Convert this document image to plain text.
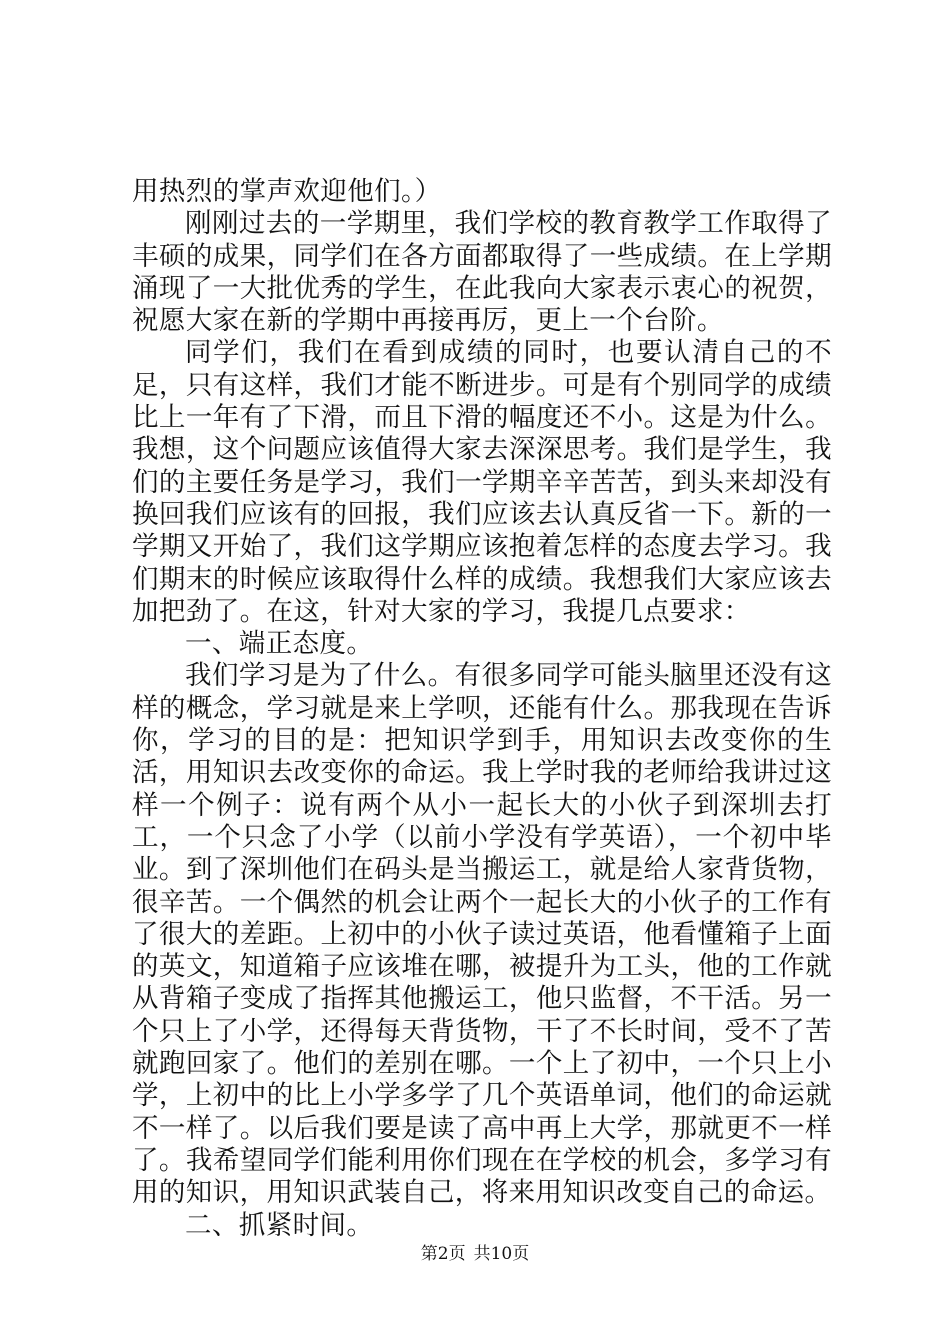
用热烈的掌声欢迎他们。）

刚刚过去的一学期里，我们学校的教育教学工作取得了丰硕的成果，同学们在各方面都取得了一些成绩。在上学期涌现了一大批优秀的学生，在此我向大家表示衷心的祝贺，祝愿大家在新的学期中再接再厉，更上一个台阶。

同学们，我们在看到成绩的同时，也要认清自己的不足，只有这样，我们才能不断进步。可是有个别同学的成绩比上一年有了下滑，而且下滑的幅度还不小。这是为什么。我想，这个问题应该值得大家去深深思考。我们是学生，我们的主要任务是学习，我们一学期辛辛苦苦，到头来却没有换回我们应该有的回报，我们应该去认真反省一下。新的一学期又开始了，我们这学期应该抱着怎样的态度去学习。我们期末的时候应该取得什么样的成绩。我想我们大家应该去加把劲了。在这，针对大家的学习，我提几点要求：

一、端正态度。

我们学习是为了什么。有很多同学可能头脑里还没有这样的概念，学习就是来上学呗，还能有什么。那我现在告诉你，学习的目的是：把知识学到手，用知识去改变你的生活，用知识去改变你的命运。我上学时我的老师给我讲过这样一个例子：说有两个从小一起长大的小伙子到深圳去打工，一个只念了小学（以前小学没有学英语），一个初中毕业。到了深圳他们在码头是当搬运工，就是给人家背货物，很辛苦。一个偶然的机会让两个一起长大的小伙子的工作有了很大的差距。上初中的小伙子读过英语，他看懂箱子上面的英文，知道箱子应该堆在哪，被提升为工头，他的工作就从背箱子变成了指挥其他搬运工，他只监督，不干活。另一个只上了小学，还得每天背货物，干了不长时间，受不了苦就跑回家了。他们的差别在哪。一个上了初中，一个只上小学，上初中的比上小学多学了几个英语单词，他们的命运就不一样了。以后我们要是读了高中再上大学，那就更不一样了。我希望同学们能利用你们现在在学校的机会，多学习有用的知识，用知识武装自己，将来用知识改变自己的命运。

二、抓紧时间。

第2页 共10页
